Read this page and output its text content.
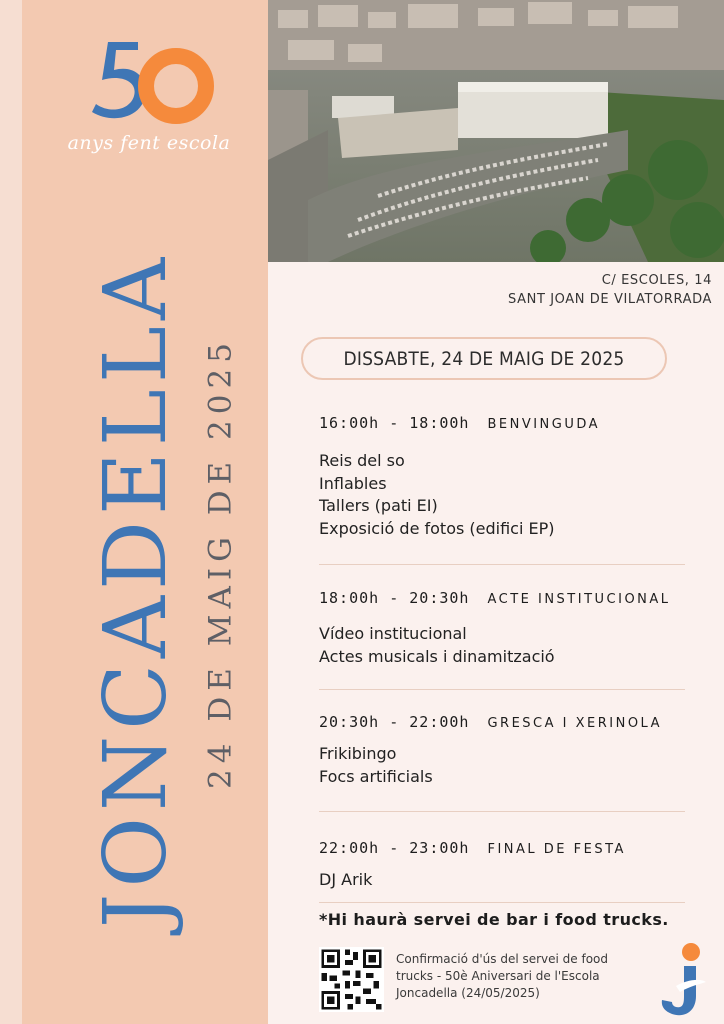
50
anys fent escola
JONCADELLA 24 DE MAIG DE 2025
C/ ESCOLES, 14
SANT JOAN DE VILATORRADA
DISSABTE, 24 DE MAIG DE 2025
16:00h - 18:00h BENVINGUDA
Reis del so
Inflables
Tallers (pati EI)
Exposició de fotos (edifici EP)
18:00h - 20:30h ACTE INSTITUCIONAL
Vídeo institucional
Actes musicals i dinamització
20:30h - 22:00h GRESCA I XERINOLA
Frikibingo
Focs artificials
22:00h - 23:00h FINAL DE FESTA
DJ Arik
*Hi haurà servei de bar i food trucks.
Confirmació d'ús del servei de food trucks - 50è Aniversari de l'Escola Joncadella (24/05/2025)
